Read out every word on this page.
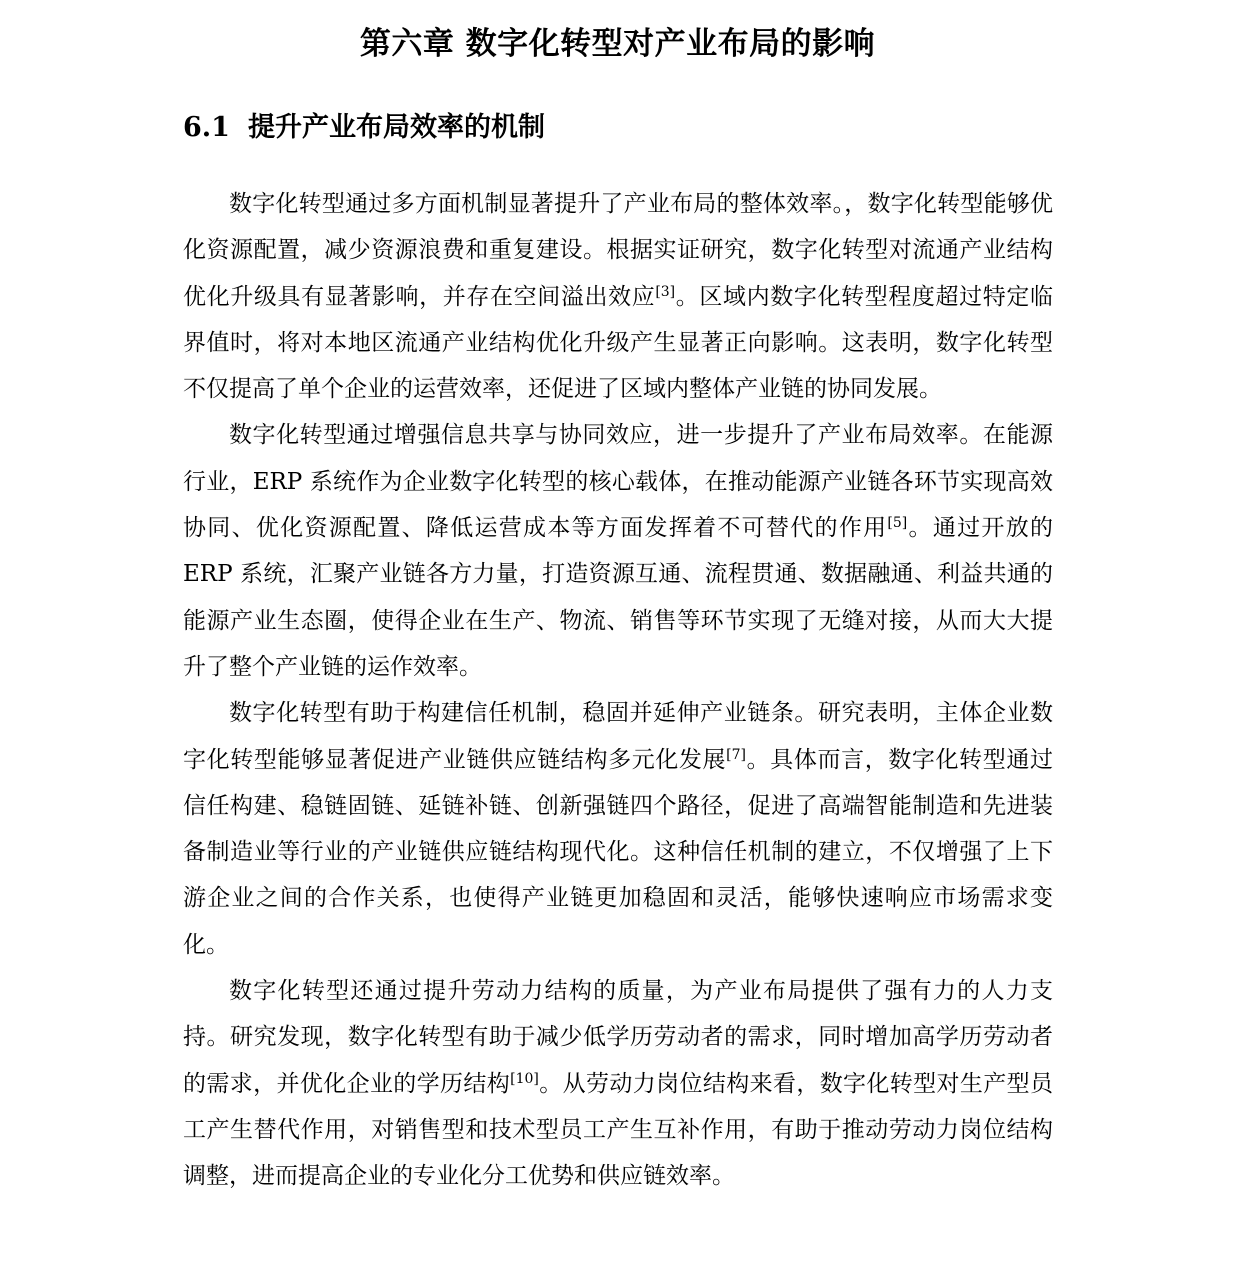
第六章 数字化转型对产业布局的影响
6.1 提升产业布局效率的机制

数字化转型通过多方面机制显著提升了产业布局的整体效率。，数字化转型能够优化资源配置，减少资源浪费和重复建设。根据实证研究，数字化转型对流通产业结构优化升级具有显著影响，并存在空间溢出效应[3]。区域内数字化转型程度超过特定临界值时，将对本地区流通产业结构优化升级产生显著正向影响。这表明，数字化转型不仅提高了单个企业的运营效率，还促进了区域内整体产业链的协同发展。

数字化转型通过增强信息共享与协同效应，进一步提升了产业布局效率。在能源行业，ERP 系统作为企业数字化转型的核心载体，在推动能源产业链各环节实现高效协同、优化资源配置、降低运营成本等方面发挥着不可替代的作用[5]。通过开放的 ERP 系统，汇聚产业链各方力量，打造资源互通、流程贯通、数据融通、利益共通的能源产业生态圈，使得企业在生产、物流、销售等环节实现了无缝对接，从而大大提升了整个产业链的运作效率。

数字化转型有助于构建信任机制，稳固并延伸产业链条。研究表明，主体企业数字化转型能够显著促进产业链供应链结构多元化发展[7]。具体而言，数字化转型通过信任构建、稳链固链、延链补链、创新强链四个路径，促进了高端智能制造和先进装备制造业等行业的产业链供应链结构现代化。这种信任机制的建立，不仅增强了上下游企业之间的合作关系，也使得产业链更加稳固和灵活，能够快速响应市场需求变化。

数字化转型还通过提升劳动力结构的质量，为产业布局提供了强有力的人力支持。研究发现，数字化转型有助于减少低学历劳动者的需求，同时增加高学历劳动者的需求，并优化企业的学历结构[10]。从劳动力岗位结构来看，数字化转型对生产型员工产生替代作用，对销售型和技术型员工产生互补作用，有助于推动劳动力岗位结构调整，进而提高企业的专业化分工优势和供应链效率。
